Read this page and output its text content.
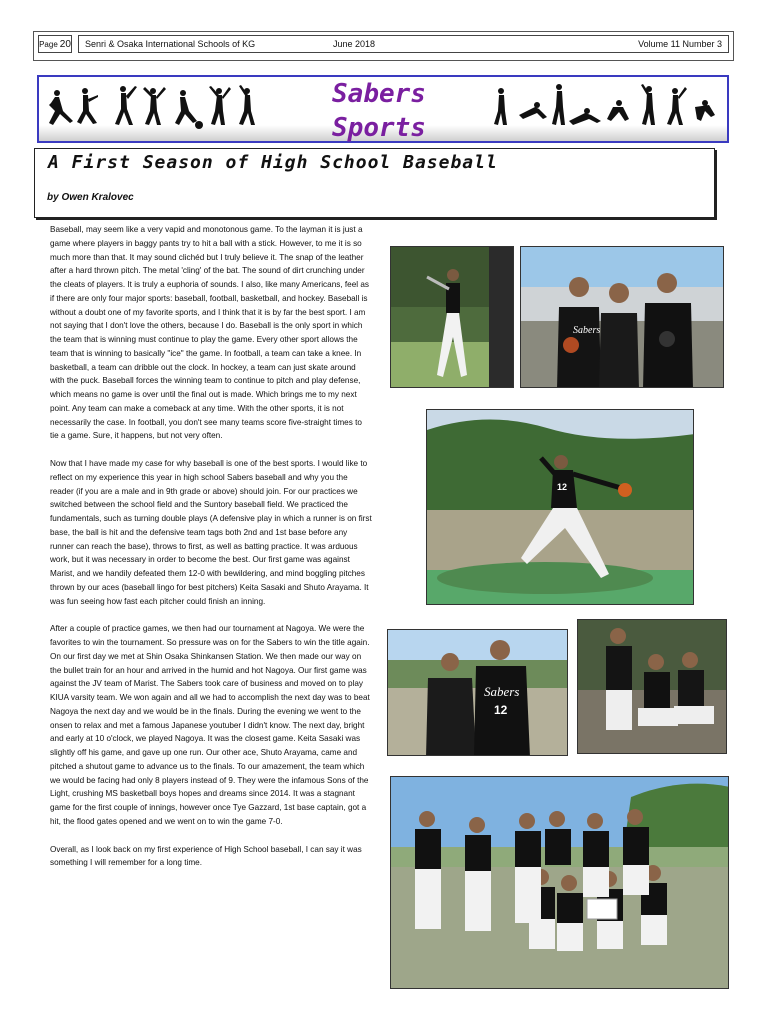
Page 20 Senri & Osaka International Schools of KG	June 2018	Volume 11 Number 3
Sabers
Sports
A First Season of High School Baseball
by Owen Kralovec

Baseball, may seem like a very vapid and monotonous game. To the layman it is just a game where players in baggy pants try to hit a ball with a stick. However, to me it is so much more than that. It may sound clichéd but I truly believe it. The snap of the leather after a hard thrown pitch. The metal 'cling' of the bat. The sound of dirt crunching under the cleats of players. It is truly a euphoria of sounds. I also, like many Americans, feel as if there are only four major sports: baseball, football, basketball, and hockey. Baseball is without a doubt one of my favorite sports, and I think that it is by far the best sport. I am not saying that I don't love the others, because I do. Baseball is the only sport in which the team that is winning must continue to play the game. Every other sport allows the team that is winning to basically "ice" the game. In football, a team can take a knee. In basketball, a team can dribble out the clock. In hockey, a team can just skate around with the puck. Baseball forces the winning team to continue to pitch and play defense, which means no game is over until the final out is made. Which brings me to my next point. Any team can make a comeback at any time. With the other sports, it is not necessarily the case. In football, you don't see many teams score five-straight times to tie a game. Sure, it happens, but not very often.

Now that I have made my case for why baseball is one of the best sports. I would like to reflect on my experience this year in high school Sabers baseball and why you the reader (if you are a male and in 9th grade or above) should join. For our practices we switched between the school field and the Suntory baseball field. We practiced the fundamentals, such as turning double plays (A defensive play in which a runner is on first base, the ball is hit and the defensive team tags both 2nd and 1st base before any runner can reach the base), throws to first, as well as batting practice. It was arduous work, but it was necessary in order to become the best. Our first game was against Marist, and we handily defeated them 12-0 with bewildering, and mind boggling pitches thrown by our aces (baseball lingo for best pitchers) Keita Sasaki and Shuto Arayama. It was fun seeing how fast each pitcher could finish an inning.

After a couple of practice games, we then had our tournament at Nagoya. We were the favorites to win the tournament. So pressure was on for the Sabers to win the title again. On our first day we met at Shin Osaka Shinkansen Station. We then made our way on the bullet train for an hour and arrived in the humid and hot Nagoya. Our first game was against the JV team of Marist. The Sabers took care of business and moved on to play KIUA varsity team. We won again and all we had to accomplish the next day was to beat Nagoya the next day and we would be in the finals. During the evening we went to the onsen to relax and met a famous Japanese youtuber I didn't know. The next day, bright and early at 10 o'clock, we played Nagoya. It was the closest game. Keita Sasaki was slightly off his game, and gave up one run. Our other ace, Shuto Arayama, came and pitched a shutout game to advance us to the finals. To our amazement, the team which we would be facing had only 8 players instead of 9. They were the infamous Sons of the Light, crushing MS basketball boys hopes and dreams since 2014. It was a stagnant game for the first couple of innings, however once Tye Gazzard, 1st base captain, got a hit, the flood gates opened and we went on to win the game 7-0.

Overall, as I look back on my first experience of High School baseball, I can say it was something I will remember for a long time.

Sabers
12
Sabers
12
